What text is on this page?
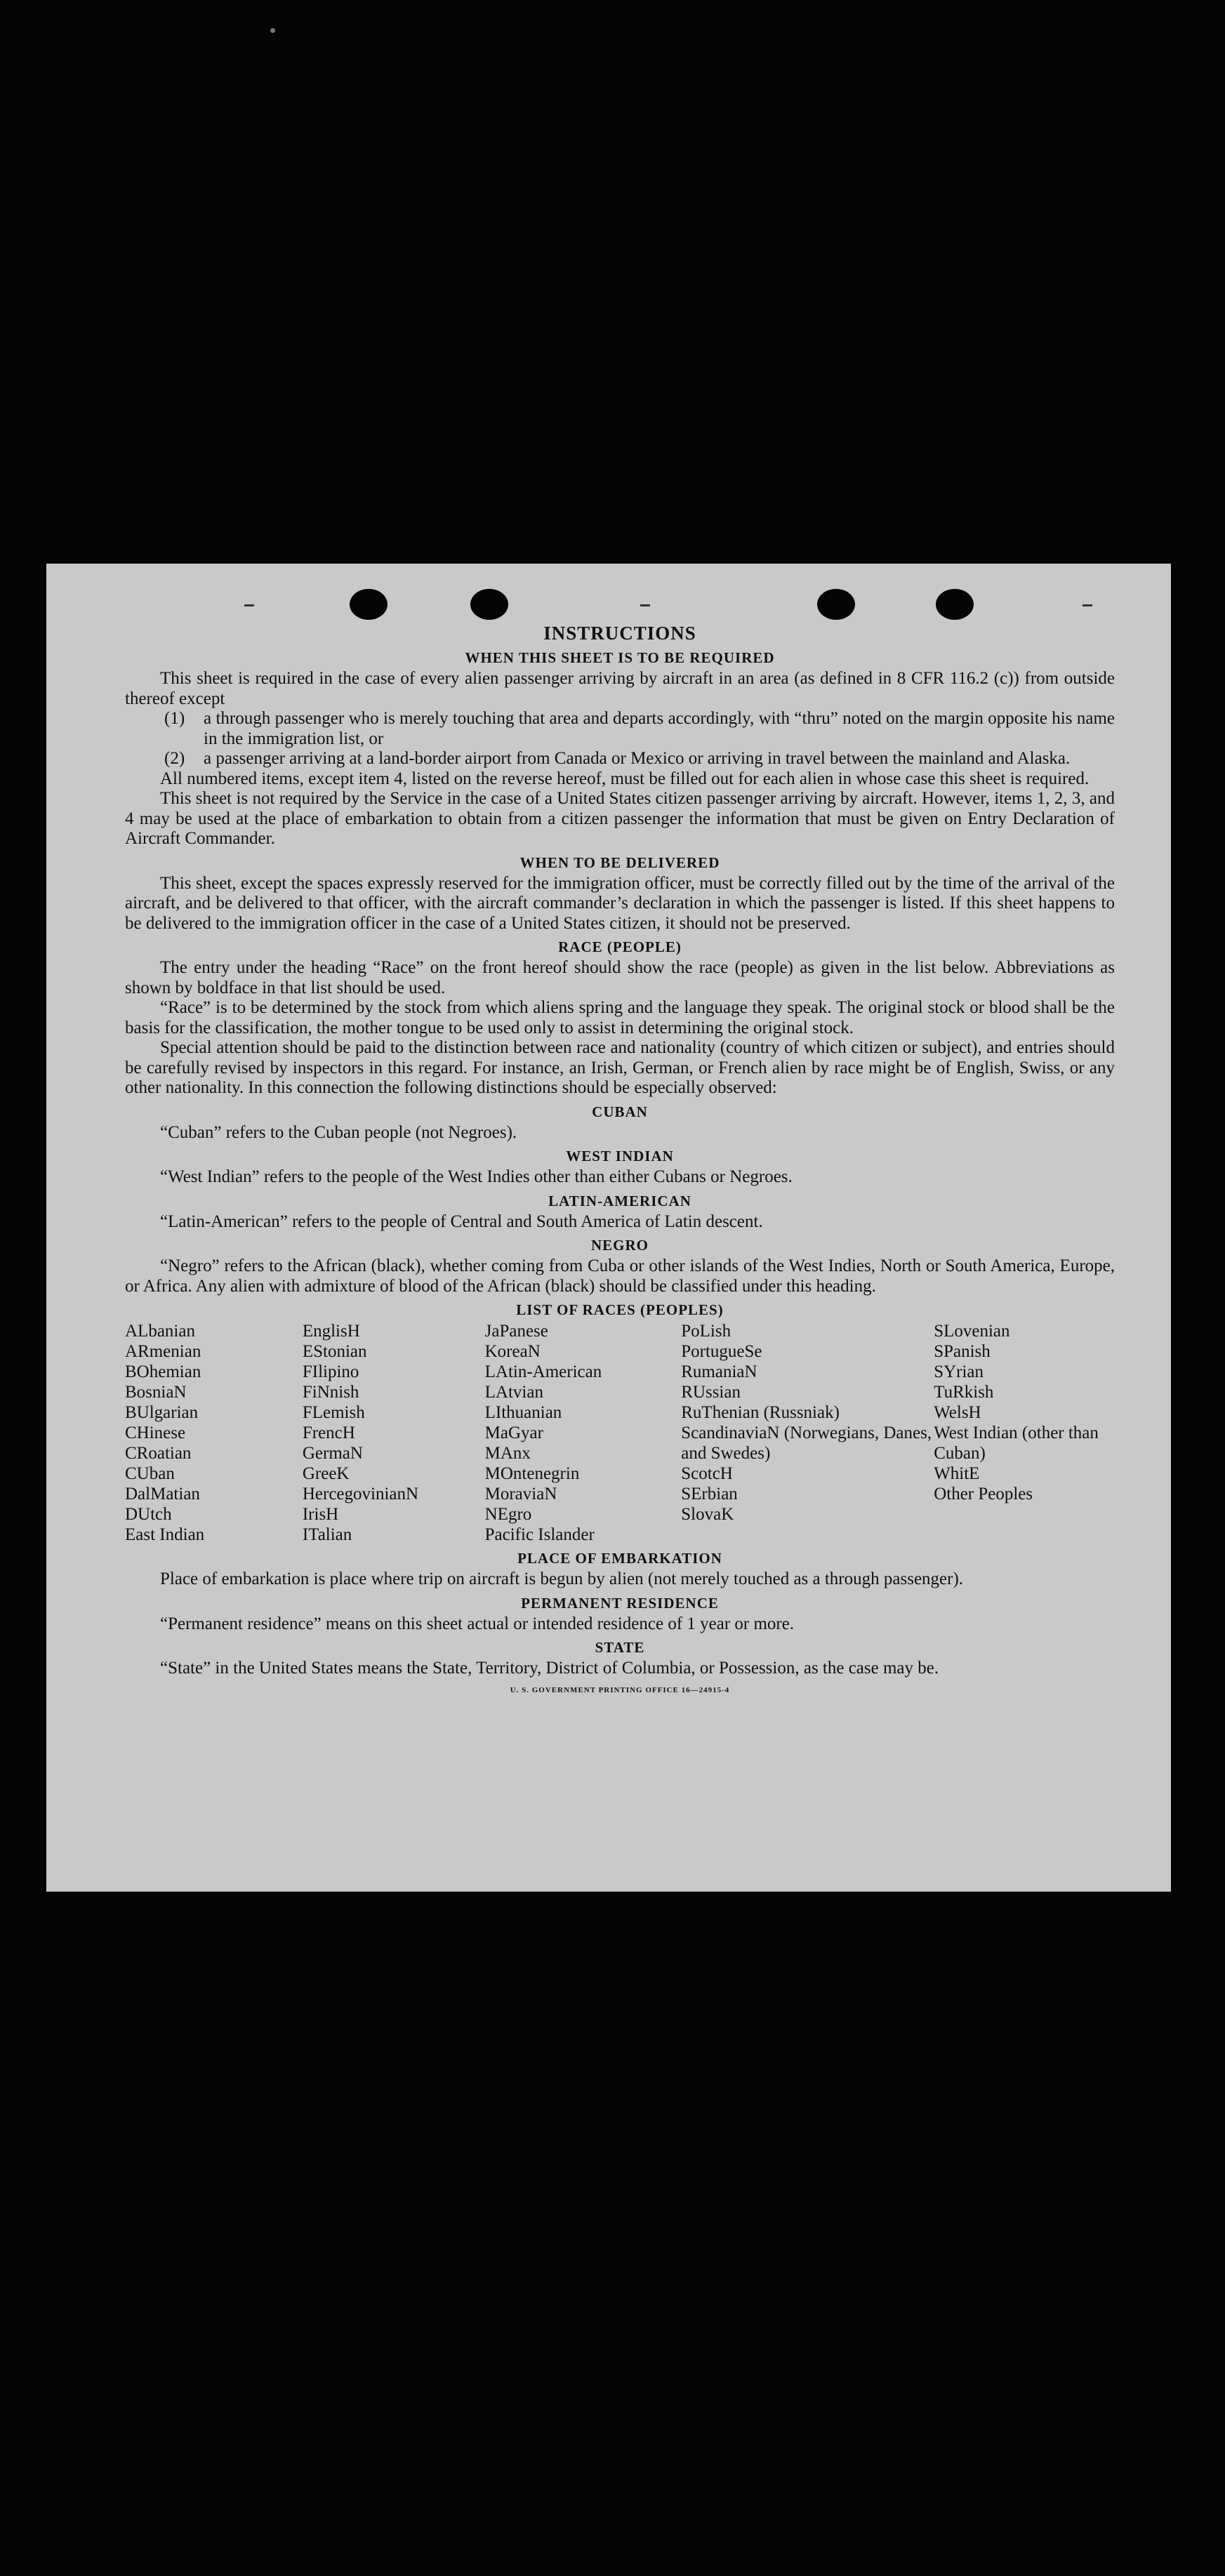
INSTRUCTIONS
WHEN THIS SHEET IS TO BE REQUIRED

This sheet is required in the case of every alien passenger arriving by aircraft in an area (as defined in 8 CFR 116.2 (c)) from outside thereof except

(1)	a through passenger who is merely touching that area and departs accordingly, with “thru” noted on the margin opposite his name in the immigration list, or
(2)	a passenger arriving at a land-border airport from Canada or Mexico or arriving in travel between the mainland and Alaska.

All numbered items, except item 4, listed on the reverse hereof, must be filled out for each alien in whose case this sheet is required.

This sheet is not required by the Service in the case of a United States citizen passenger arriving by aircraft. However, items 1, 2, 3, and 4 may be used at the place of embarkation to obtain from a citizen passenger the information that must be given on Entry Declaration of Aircraft Commander.

WHEN TO BE DELIVERED

This sheet, except the spaces expressly reserved for the immigration officer, must be correctly filled out by the time of the arrival of the aircraft, and be delivered to that officer, with the aircraft commander’s declaration in which the passenger is listed. If this sheet happens to be delivered to the immigration officer in the case of a United States citizen, it should not be preserved.

RACE (PEOPLE)

The entry under the heading “Race” on the front hereof should show the race (people) as given in the list below. Abbreviations as shown by boldface in that list should be used.

“Race” is to be determined by the stock from which aliens spring and the language they speak. The original stock or blood shall be the basis for the classification, the mother tongue to be used only to assist in determining the original stock.

Special attention should be paid to the distinction between race and nationality (country of which citizen or subject), and entries should be carefully revised by inspectors in this regard. For instance, an Irish, German, or French alien by race might be of English, Swiss, or any other nationality. In this connection the following distinctions should be especially observed:

CUBAN

“Cuban” refers to the Cuban people (not Negroes).

WEST INDIAN

“West Indian” refers to the people of the West Indies other than either Cubans or Negroes.

LATIN-AMERICAN

“Latin-American” refers to the people of Central and South America of Latin descent.

NEGRO

“Negro” refers to the African (black), whether coming from Cuba or other islands of the West Indies, North or South America, Europe, or Africa. Any alien with admixture of blood of the African (black) should be classified under this heading.

LIST OF RACES (PEOPLES)
ALbanian
ARmenian
BOhemian
BosniaN
BUlgarian
CHinese
CRoatian
CUban
DalMatian
DUtch
East Indian
EnglisH
EStonian
FIlipino
FiNnish
FLemish
FrencH
GermaN
GreeK
HercegovinianN
IrisH
ITalian
JaPanese
KoreaN
LAtin-American
LAtvian
LIthuanian
MaGyar
MAnx
MOntenegrin
MoraviaN
NEgro
Pacific Islander
PoLish
PortugueSe
RumaniaN
RUssian
RuThenian (Russniak)
ScandinaviaN (Norwegians, Danes, and Swedes)
ScotcH
SErbian
SlovaK
SLovenian
SPanish
SYrian
TuRkish
WelsH
West Indian (other than Cuban)
WhitE
Other Peoples
PLACE OF EMBARKATION

Place of embarkation is place where trip on aircraft is begun by alien (not merely touched as a through passenger).

PERMANENT RESIDENCE

“Permanent residence” means on this sheet actual or intended residence of 1 year or more.

STATE

“State” in the United States means the State, Territory, District of Columbia, or Possession, as the case may be.

U. S. GOVERNMENT PRINTING OFFICE 16—24915-4
